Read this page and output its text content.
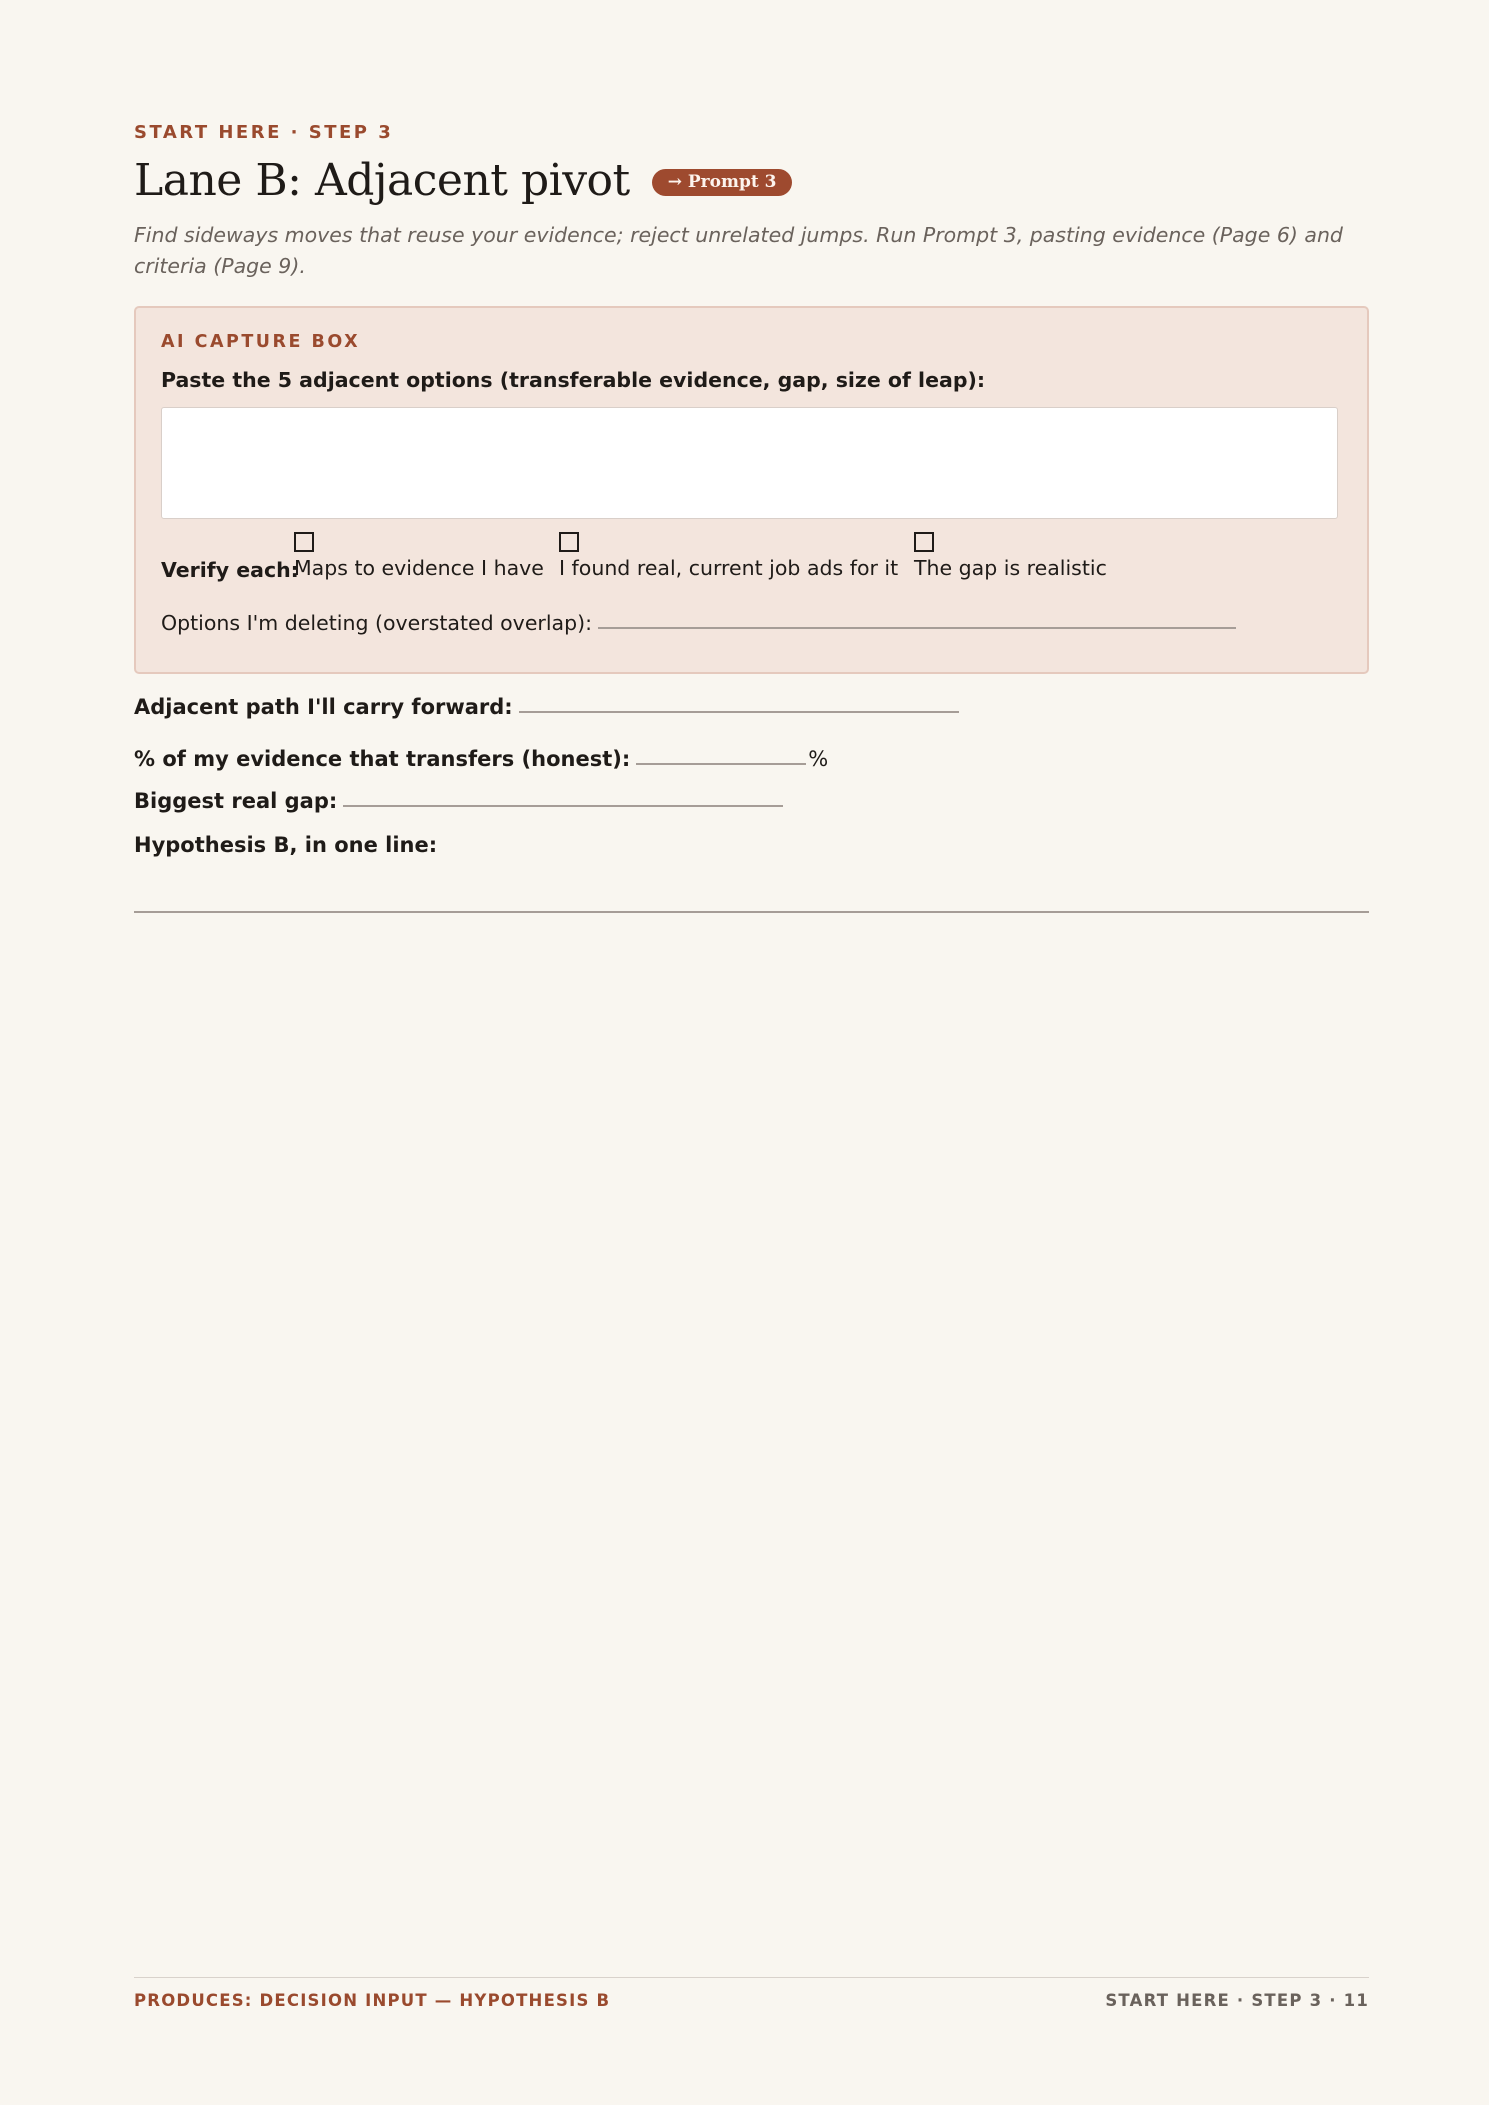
START HERE · STEP 3
Lane B: Adjacent pivot	→ Prompt 3
Find sideways moves that reuse your evidence; reject unrelated jumps. Run Prompt 3, pasting evidence (Page 6) and criteria (Page 9).
AI CAPTURE BOX
Paste the 5 adjacent options (transferable evidence, gap, size of leap):
Verify each:
Maps to evidence I have I found real, current job ads for it The gap is realistic
Options I'm deleting (overstated overlap):
Adjacent path I'll carry forward:
% of my evidence that transfers (honest):	%
Biggest real gap:
Hypothesis B, in one line:
PRODUCES: DECISION INPUT — HYPOTHESIS B	START HERE · STEP 3 · 11
